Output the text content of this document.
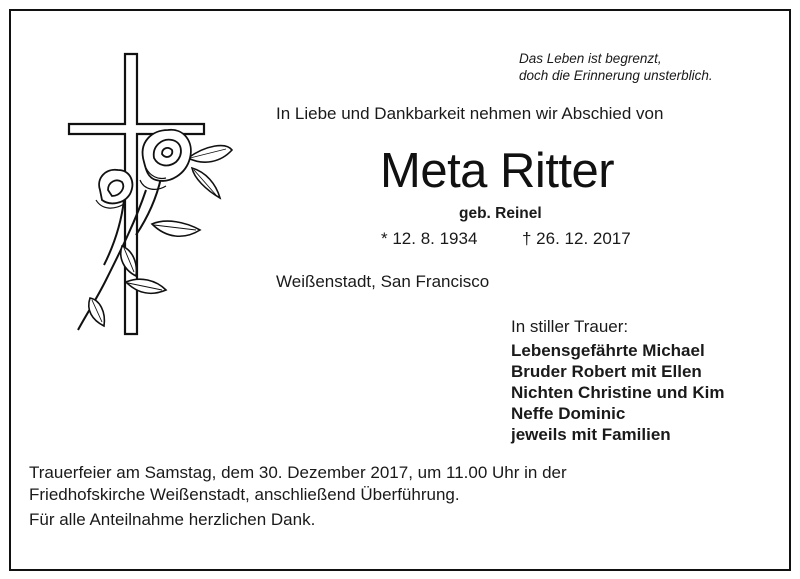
Das Leben ist begrenzt,
doch die Erinnerung unsterblich.
In Liebe und Dankbarkeit nehmen wir Abschied von
Meta Ritter
geb. Reinel
* 12. 8. 1934	† 26. 12. 2017
Weißenstadt, San Francisco
In stiller Trauer:
Lebensgefährte Michael
Bruder Robert mit Ellen
Nichten Christine und Kim
Neffe Dominic
jeweils mit Familien
Trauerfeier am Samstag, dem 30. Dezember 2017, um 11.00 Uhr in der
Friedhofskirche Weißenstadt, anschließend Überführung.
Für alle Anteilnahme herzlichen Dank.
